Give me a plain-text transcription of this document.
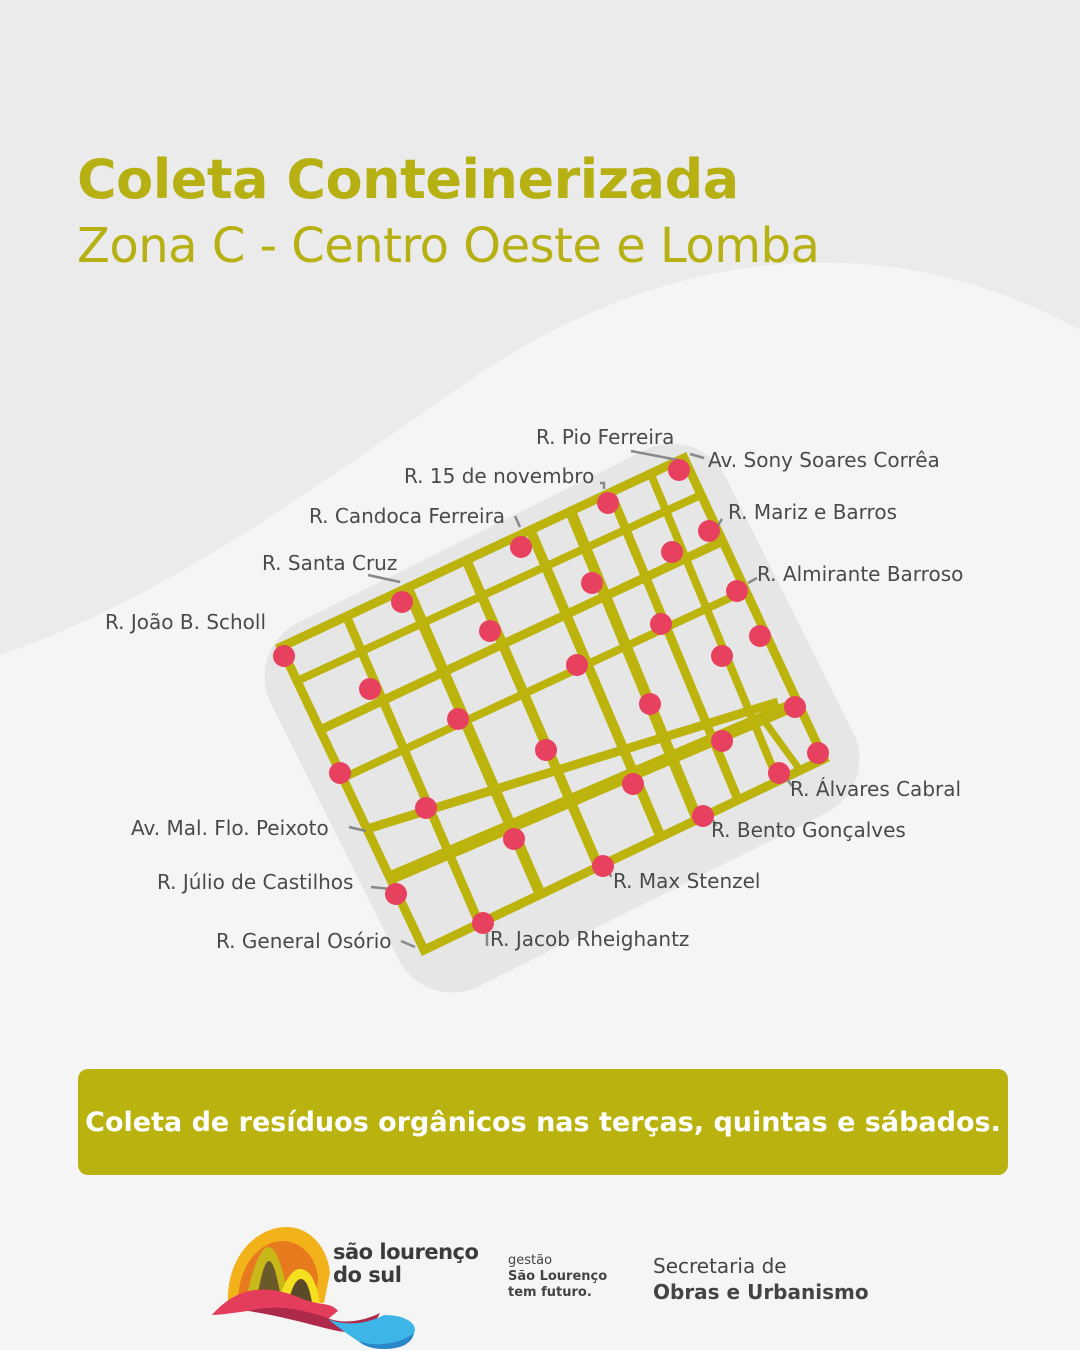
Coleta Conteinerizada
Zona C - Centro Oeste e Lomba
R. Pio Ferreira
Av. Sony Soares Corrêa
R. 15 de novembro
R. Mariz e Barros
R. Candoca Ferreira
R. Santa Cruz	R. Almirante Barroso
R. João B. Scholl
R. Álvares Cabral
Av. Mal. Flo. Peixoto	R. Bento Gonçalves
R. Júlio de Castilhos	R. Max Stenzel
R. General Osório	R. Jacob Rheighantz
Coleta de resíduos orgânicos nas terças, quintas e sábados.
são lourenço
do sul
gestão
São Lourenço
tem futuro.
Secretaria de
Obras e Urbanismo
